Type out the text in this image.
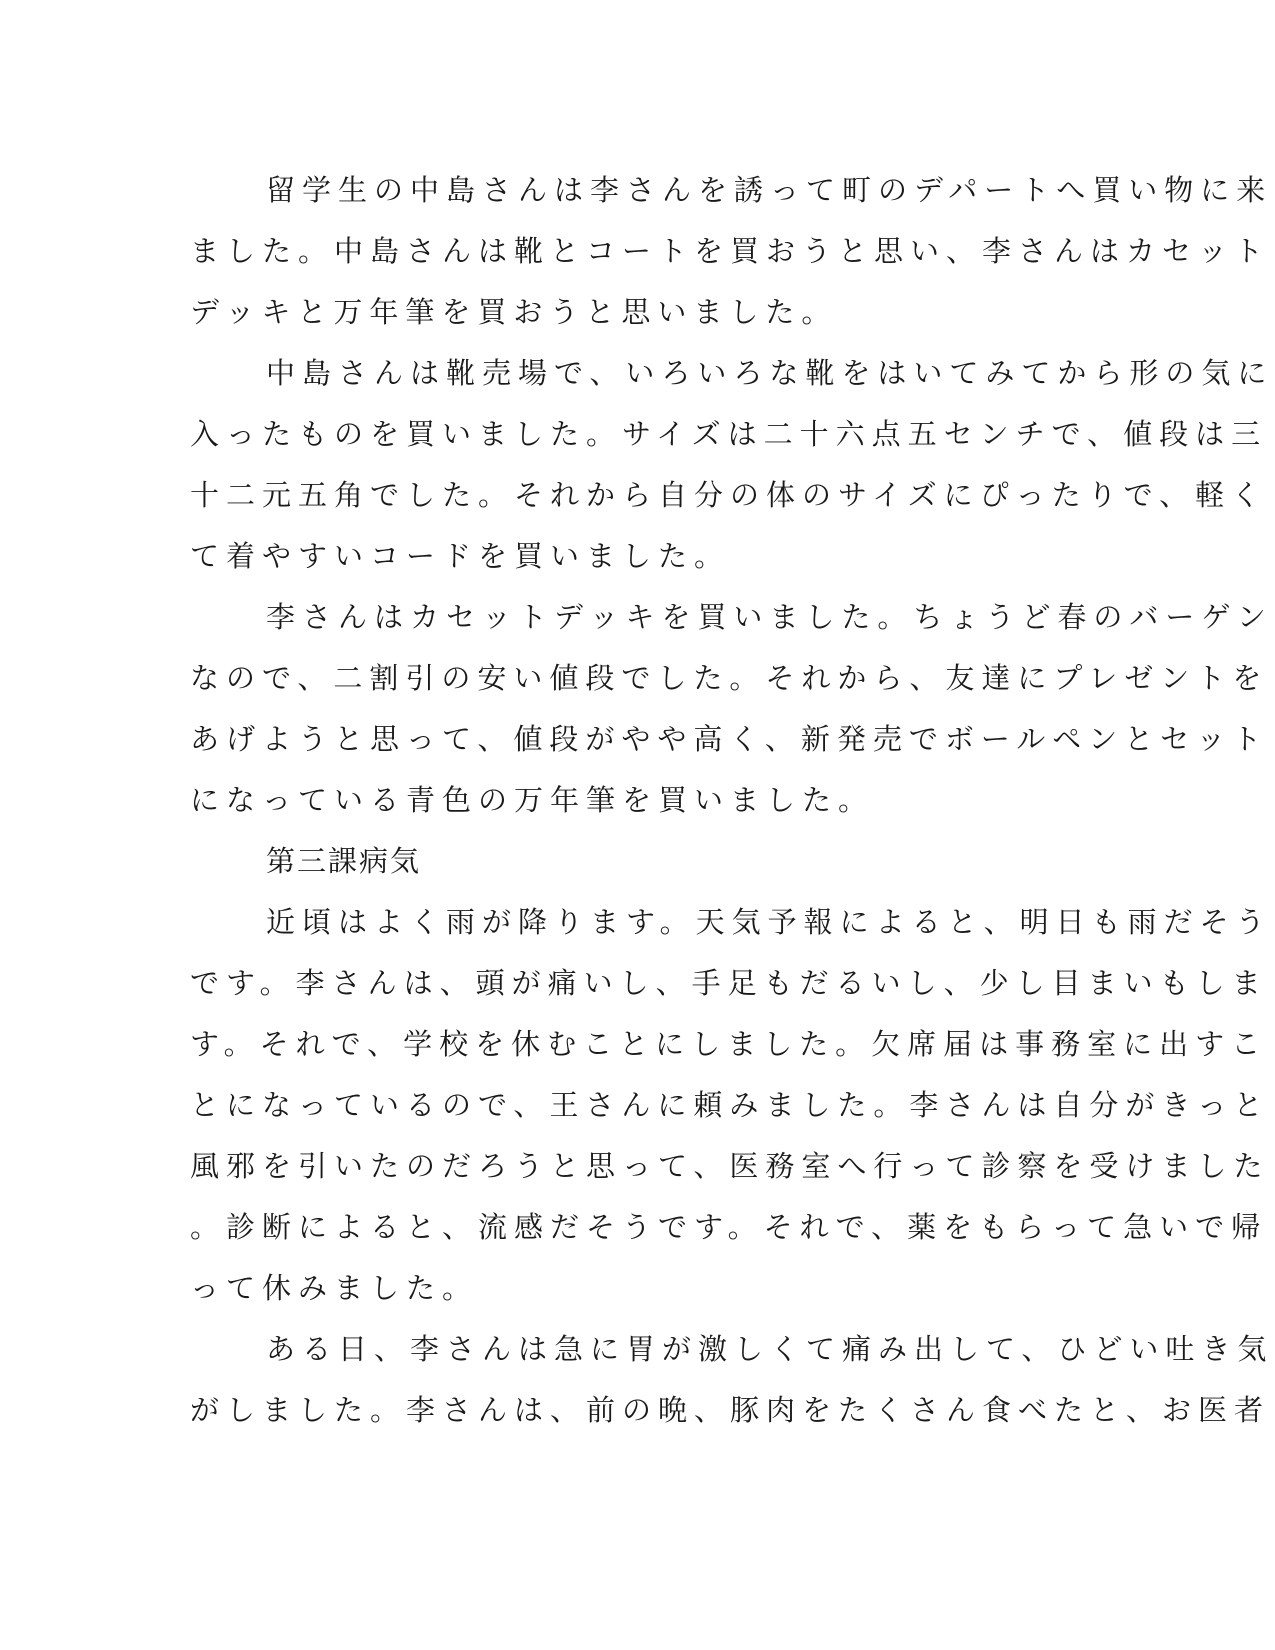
留学生の中島さんは李さんを誘って町のデパートへ買い物に来
ました。中島さんは靴とコートを買おうと思い、李さんはカセット
デッキと万年筆を買おうと思いました。
中島さんは靴売場で、いろいろな靴をはいてみてから形の気に
入ったものを買いました。サイズは二十六点五センチで、値段は三
十二元五角でした。それから自分の体のサイズにぴったりで、軽く
て着やすいコードを買いました。
李さんはカセットデッキを買いました。ちょうど春のバーゲン
なので、二割引の安い値段でした。それから、友達にプレゼントを
あげようと思って、値段がやや高く、新発売でボールペンとセット
になっている青色の万年筆を買いました。
第三課病気
近頃はよく雨が降ります。天気予報によると、明日も雨だそう
です。李さんは、頭が痛いし、手足もだるいし、少し目まいもしま
す。それで、学校を休むことにしました。欠席届は事務室に出すこ
とになっているので、王さんに頼みました。李さんは自分がきっと
風邪を引いたのだろうと思って、医務室へ行って診察を受けました
。診断によると、流感だそうです。それで、薬をもらって急いで帰
って休みました。
ある日、李さんは急に胃が激しくて痛み出して、ひどい吐き気
がしました。李さんは、前の晩、豚肉をたくさん食べたと、お医者
